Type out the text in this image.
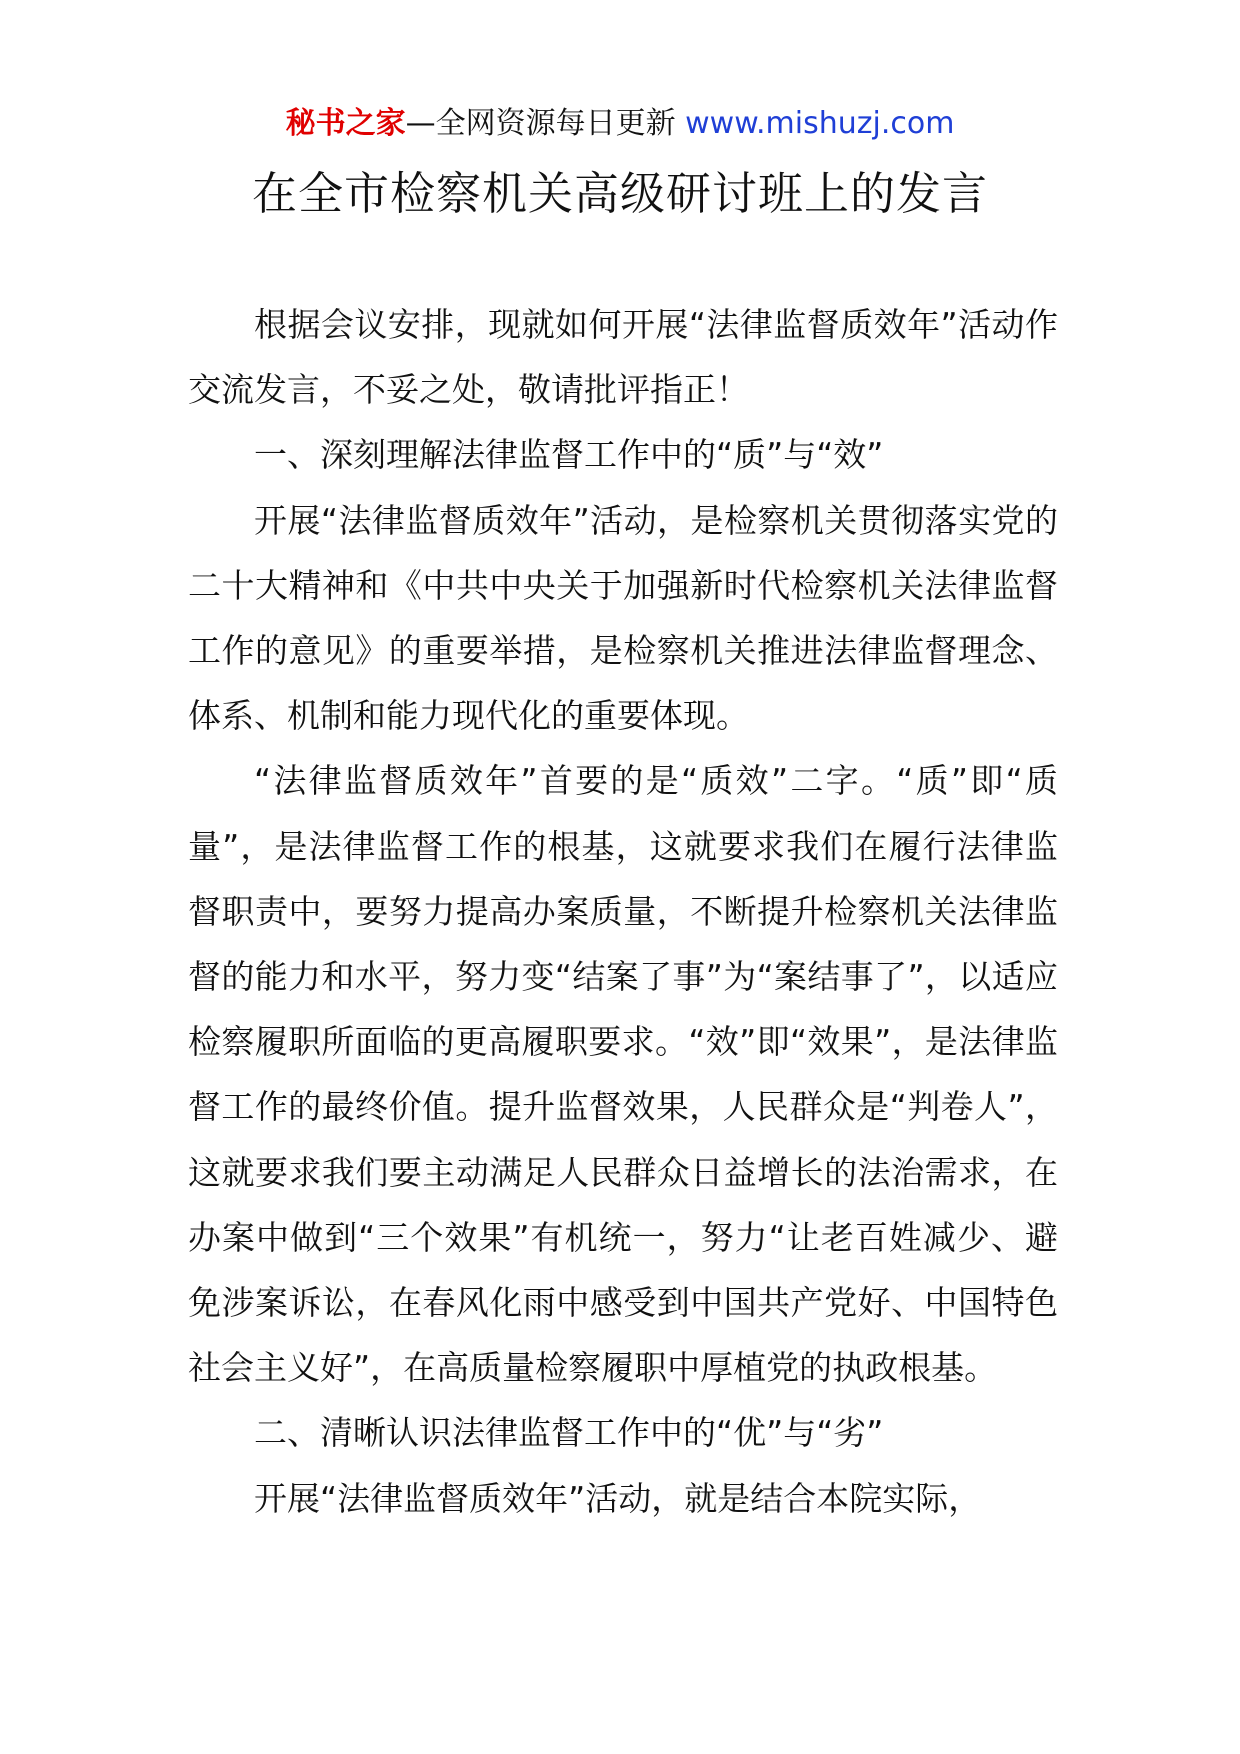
秘书之家—全网资源每日更新 www.mishuzj.com
在全市检察机关高级研讨班上的发言

根据会议安排，现就如何开展“法律监督质效年”活动作交流发言，不妥之处，敬请批评指正！

一、深刻理解法律监督工作中的“质”与“效”

开展“法律监督质效年”活动，是检察机关贯彻落实党的二十大精神和《中共中央关于加强新时代检察机关法律监督工作的意见》的重要举措，是检察机关推进法律监督理念、体系、机制和能力现代化的重要体现。

“法律监督质效年”首要的是“质效”二字。“质”即“质量”，是法律监督工作的根基，这就要求我们在履行法律监督职责中，要努力提高办案质量，不断提升检察机关法律监督的能力和水平，努力变“结案了事”为“案结事了”，以适应检察履职所面临的更高履职要求。“效”即“效果”，是法律监督工作的最终价值。提升监督效果，人民群众是“判卷人”，这就要求我们要主动满足人民群众日益增长的法治需求，在办案中做到“三个效果”有机统一，努力“让老百姓减少、避免涉案诉讼，在春风化雨中感受到中国共产党好、中国特色社会主义好”，在高质量检察履职中厚植党的执政根基。

二、清晰认识法律监督工作中的“优”与“劣”

开展“法律监督质效年”活动，就是结合本院实际，
